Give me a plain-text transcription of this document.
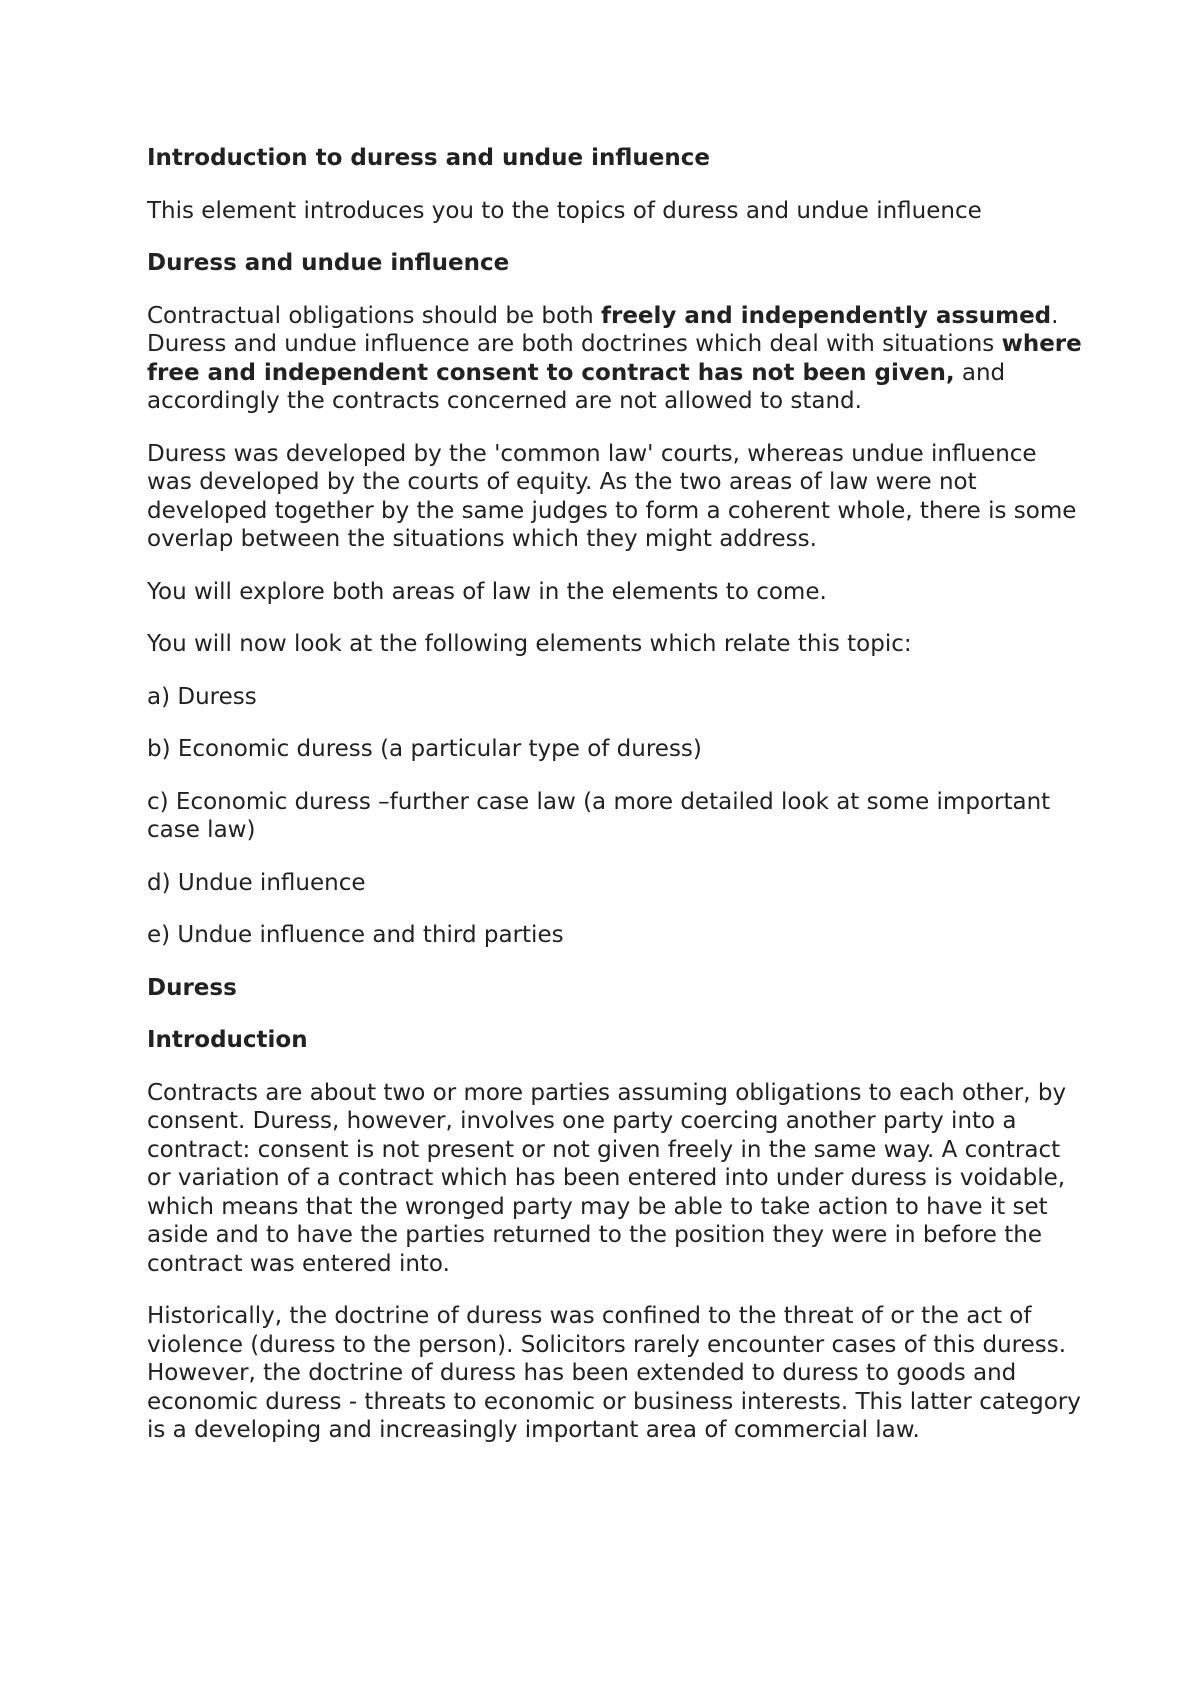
Introduction to duress and undue influence

This element introduces you to the topics of duress and undue influence

Duress and undue influence

Contractual obligations should be both freely and independently assumed. Duress and undue influence are both doctrines which deal with situations where free and independent consent to contract has not been given, and accordingly the contracts concerned are not allowed to stand.

Duress was developed by the 'common law' courts, whereas undue influence was developed by the courts of equity. As the two areas of law were not developed together by the same judges to form a coherent whole, there is some overlap between the situations which they might address.

You will explore both areas of law in the elements to come.

You will now look at the following elements which relate this topic:

a) Duress

b) Economic duress (a particular type of duress)

c) Economic duress –further case law (a more detailed look at some important case law)

d) Undue influence

e) Undue influence and third parties

Duress
Introduction

Contracts are about two or more parties assuming obligations to each other, by consent. Duress, however, involves one party coercing another party into a contract: consent is not present or not given freely in the same way. A contract or variation of a contract which has been entered into under duress is voidable, which means that the wronged party may be able to take action to have it set aside and to have the parties returned to the position they were in before the contract was entered into.

Historically, the doctrine of duress was confined to the threat of or the act of violence (duress to the person). Solicitors rarely encounter cases of this duress. However, the doctrine of duress has been extended to duress to goods and economic duress - threats to economic or business interests. This latter category is a developing and increasingly important area of commercial law.
